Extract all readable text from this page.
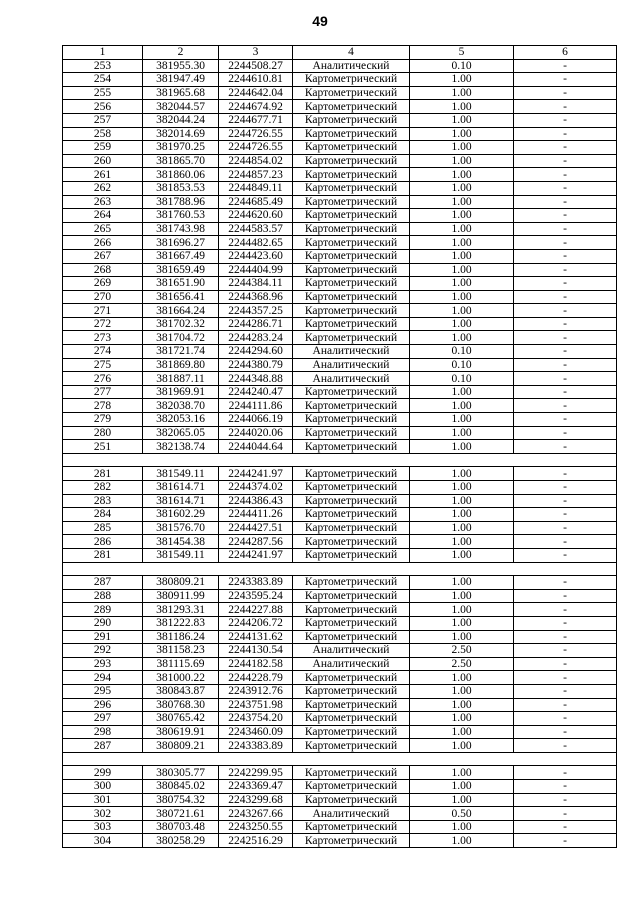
49
1	2	3	4	5	6
253	381955.30	2244508.27	Аналитический	0.10	-
254	381947.49	2244610.81	Картометрический	1.00	-
255	381965.68	2244642.04	Картометрический	1.00	-
256	382044.57	2244674.92	Картометрический	1.00	-
257	382044.24	2244677.71	Картометрический	1.00	-
258	382014.69	2244726.55	Картометрический	1.00	-
259	381970.25	2244726.55	Картометрический	1.00	-
260	381865.70	2244854.02	Картометрический	1.00	-
261	381860.06	2244857.23	Картометрический	1.00	-
262	381853.53	2244849.11	Картометрический	1.00	-
263	381788.96	2244685.49	Картометрический	1.00	-
264	381760.53	2244620.60	Картометрический	1.00	-
265	381743.98	2244583.57	Картометрический	1.00	-
266	381696.27	2244482.65	Картометрический	1.00	-
267	381667.49	2244423.60	Картометрический	1.00	-
268	381659.49	2244404.99	Картометрический	1.00	-
269	381651.90	2244384.11	Картометрический	1.00	-
270	381656.41	2244368.96	Картометрический	1.00	-
271	381664.24	2244357.25	Картометрический	1.00	-
272	381702.32	2244286.71	Картометрический	1.00	-
273	381704.72	2244283.24	Картометрический	1.00	-
274	381721.74	2244294.60	Аналитический	0.10	-
275	381869.80	2244380.79	Аналитический	0.10	-
276	381887.11	2244348.88	Аналитический	0.10	-
277	381969.91	2244240.47	Картометрический	1.00	-
278	382038.70	2244111.86	Картометрический	1.00	-
279	382053.16	2244066.19	Картометрический	1.00	-
280	382065.05	2244020.06	Картометрический	1.00	-
251	382138.74	2244044.64	Картометрический	1.00	-

281	381549.11	2244241.97	Картометрический	1.00	-
282	381614.71	2244374.02	Картометрический	1.00	-
283	381614.71	2244386.43	Картометрический	1.00	-
284	381602.29	2244411.26	Картометрический	1.00	-
285	381576.70	2244427.51	Картометрический	1.00	-
286	381454.38	2244287.56	Картометрический	1.00	-
281	381549.11	2244241.97	Картометрический	1.00	-

287	380809.21	2243383.89	Картометрический	1.00	-
288	380911.99	2243595.24	Картометрический	1.00	-
289	381293.31	2244227.88	Картометрический	1.00	-
290	381222.83	2244206.72	Картометрический	1.00	-
291	381186.24	2244131.62	Картометрический	1.00	-
292	381158.23	2244130.54	Аналитический	2.50	-
293	381115.69	2244182.58	Аналитический	2.50	-
294	381000.22	2244228.79	Картометрический	1.00	-
295	380843.87	2243912.76	Картометрический	1.00	-
296	380768.30	2243751.98	Картометрический	1.00	-
297	380765.42	2243754.20	Картометрический	1.00	-
298	380619.91	2243460.09	Картометрический	1.00	-
287	380809.21	2243383.89	Картометрический	1.00	-

299	380305.77	2242299.95	Картометрический	1.00	-
300	380845.02	2243369.47	Картометрический	1.00	-
301	380754.32	2243299.68	Картометрический	1.00	-
302	380721.61	2243267.66	Аналитический	0.50	-
303	380703.48	2243250.55	Картометрический	1.00	-
304	380258.29	2242516.29	Картометрический	1.00	-
